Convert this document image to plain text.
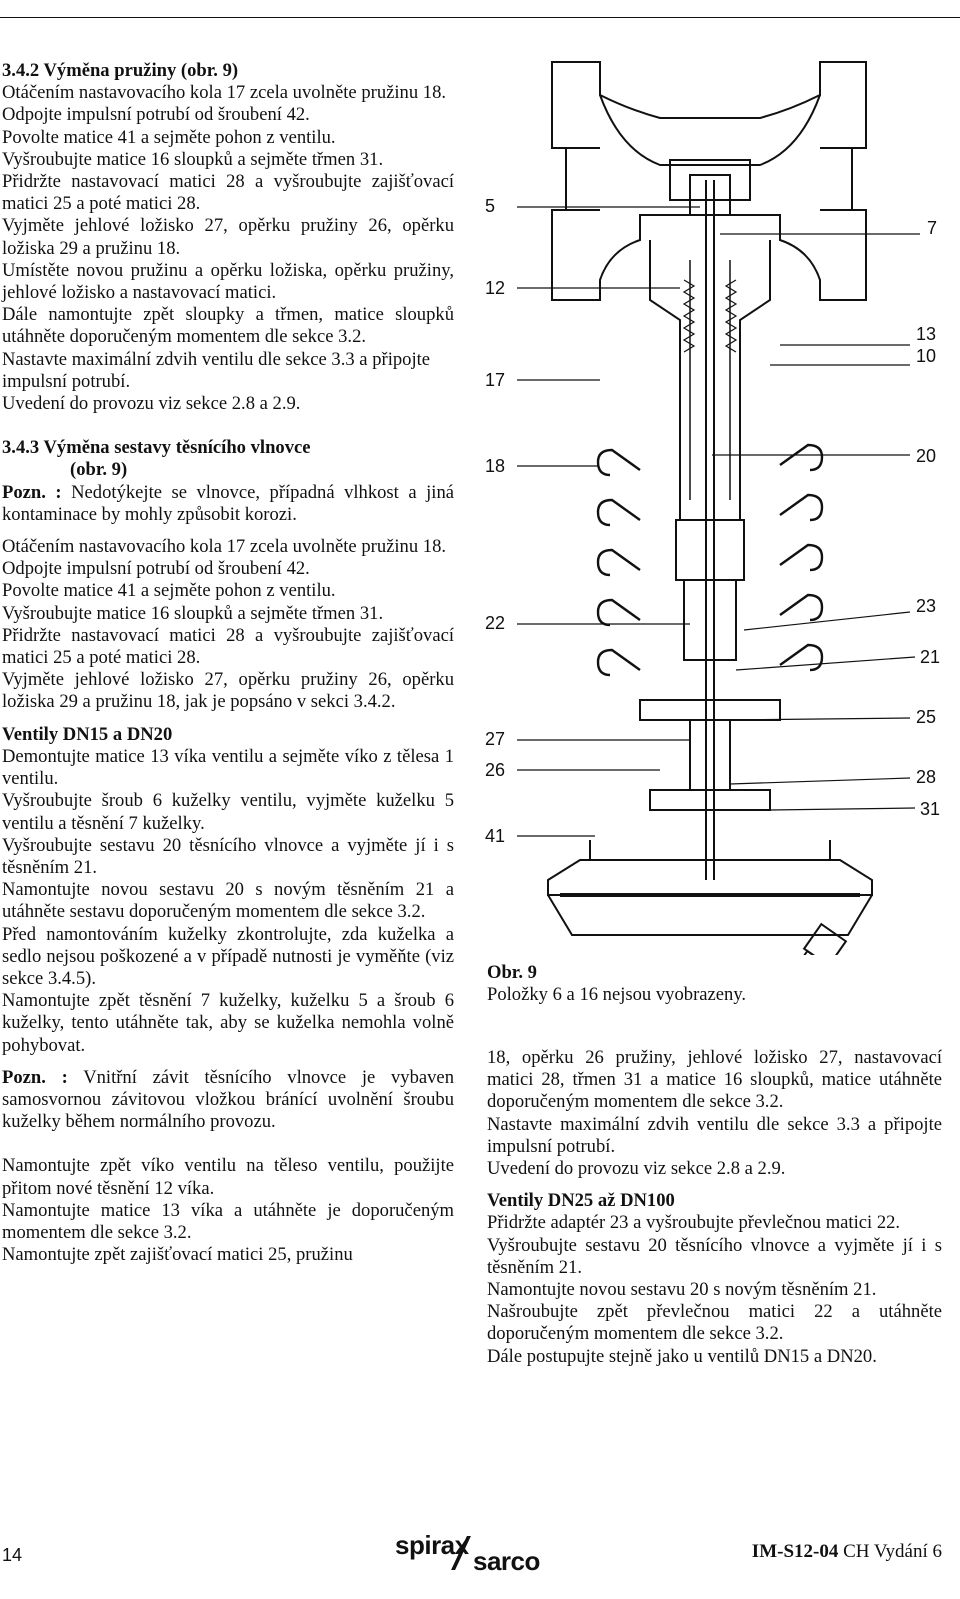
3.4.2 Výměna pružiny (obr. 9)

Otáčením nastavovacího kola 17 zcela uvolněte pružinu 18.

Odpojte impulsní potrubí od šroubení 42.

Povolte matice 41 a sejměte pohon z ventilu.

Vyšroubujte matice 16 sloupků a sejměte třmen 31.

Přidržte nastavovací matici 28 a vyšroubujte zajišťovací matici 25 a poté matici 28.

Vyjměte jehlové ložisko 27, opěrku pružiny 26, opěrku ložiska 29 a pružinu 18.

Umístěte novou pružinu a opěrku ložiska, opěrku pružiny, jehlové ložisko a nastavovací matici.

Dále namontujte zpět sloupky a třmen, matice sloupků utáhněte doporučeným momentem dle sekce 3.2.

Nastavte maximální zdvih ventilu dle sekce 3.3 a připojte impulsní potrubí.

Uvedení do provozu viz sekce 2.8 a 2.9.

3.4.3 Výměna sestavy těsnícího vlnovce

(obr. 9)

Pozn. : Nedotýkejte se vlnovce, případná vlhkost a jiná kontaminace by mohly způsobit korozi.

Otáčením nastavovacího kola 17 zcela uvolněte pružinu 18.

Odpojte impulsní potrubí od šroubení 42.

Povolte matice 41 a sejměte pohon z ventilu.

Vyšroubujte matice 16 sloupků a sejměte třmen 31.

Přidržte nastavovací matici 28 a vyšroubujte zajišťovací matici 25 a poté matici 28.

Vyjměte jehlové ložisko 27, opěrku pružiny 26, opěrku ložiska 29 a pružinu 18, jak je popsáno v sekci 3.4.2.

Ventily DN15 a DN20

Demontujte matice 13 víka ventilu a sejměte víko z tělesa 1 ventilu.

Vyšroubujte šroub 6 kuželky ventilu, vyjměte kuželku 5 ventilu a těsnění 7 kuželky.

Vyšroubujte sestavu 20 těsnícího vlnovce a vyjměte jí i s těsněním 21.

Namontujte novou sestavu 20 s novým těsněním 21 a utáhněte sestavu doporučeným momentem dle sekce 3.2.

Před namontováním kuželky zkontrolujte, zda kuželka a sedlo nejsou poškozené a v případě nutnosti je vyměňte (viz sekce 3.4.5).

Namontujte zpět těsnění 7 kuželky, kuželku 5 a šroub 6 kuželky, tento utáhněte tak, aby se kuželka nemohla volně pohybovat.

Pozn. : Vnitřní závit těsnícího vlnovce je vybaven samosvornou závitovou vložkou bránící uvolnění šroubu kuželky během normálního provozu.

Namontujte zpět víko ventilu na těleso ventilu, použijte přitom nové těsnění 12 víka.

Namontujte matice 13 víka a utáhněte je doporučeným momentem dle sekce 3.2.

Namontujte zpět zajišťovací matici 25, pružinu

5
12
17
18
22
27
26
41
7
13
10
20
23
21
25
28
31

Obr. 9

Položky 6 a 16 nejsou vyobrazeny.

18, opěrku 26 pružiny, jehlové ložisko 27, nastavovací matici 28, třmen 31 a matice 16 sloupků, matice utáhněte doporučeným momentem dle sekce 3.2.

Nastavte maximální zdvih ventilu dle sekce 3.3 a připojte impulsní potrubí.

Uvedení do provozu viz sekce 2.8 a 2.9.

Ventily DN25 až DN100

Přidržte adaptér 23 a vyšroubujte převlečnou matici 22.

Vyšroubujte sestavu 20 těsnícího vlnovce a vyjměte jí i s těsněním 21.

Namontujte novou sestavu 20 s novým těsněním 21.

Našroubujte zpět převlečnou matici 22 a utáhněte doporučeným momentem dle sekce 3.2.

Dále postupujte stejně jako u ventilů DN15 a DN20.

14	spirax
sarco	IM-S12-04 CH Vydání 6
